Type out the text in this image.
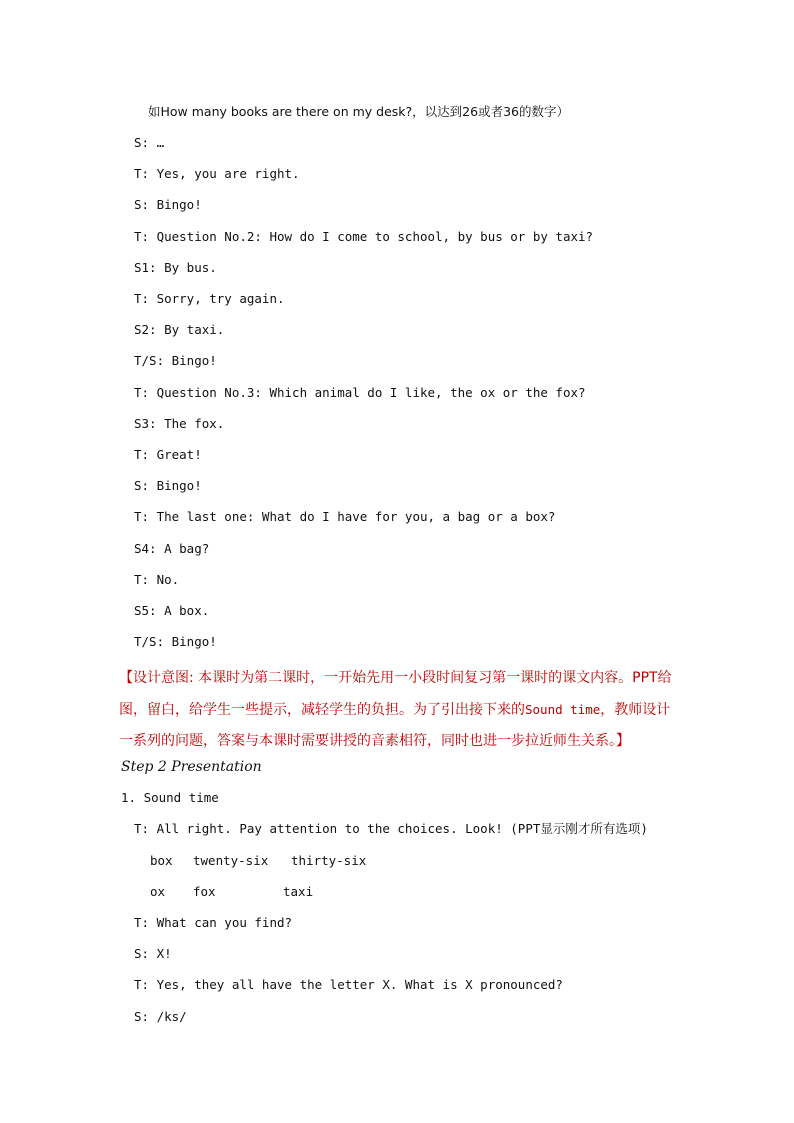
如How many books are there on my desk?，以达到26或者36的数字）
S: …
T: Yes, you are right.
S: Bingo!
T: Question No.2: How do I come to school, by bus or by taxi?
S1: By bus.
T: Sorry, try again.
S2: By taxi.
T/S: Bingo!
T: Question No.3: Which animal do I like, the ox or the fox?
S3: The fox.
T: Great!
S: Bingo!
T: The last one: What do I have for you, a bag or a box?
S4: A bag?
T: No.
S5: A box.
T/S: Bingo!
【设计意图: 本课时为第二课时，一开始先用一小段时间复习第一课时的课文内容。PPT给图，留白，给学生一些提示，减轻学生的负担。为了引出接下来的Sound time，教师设计一系列的问题，答案与本课时需要讲授的音素相符，同时也进一步拉近师生关系。】
Step 2 Presentation
1. Sound time
T: All right. Pay attention to the choices. Look! (PPT显示刚才所有选项)
box twenty-six thirty-six
ox fox	taxi
T: What can you find?
S: X!
T: Yes, they all have the letter X. What is X pronounced?
S: /ks/
